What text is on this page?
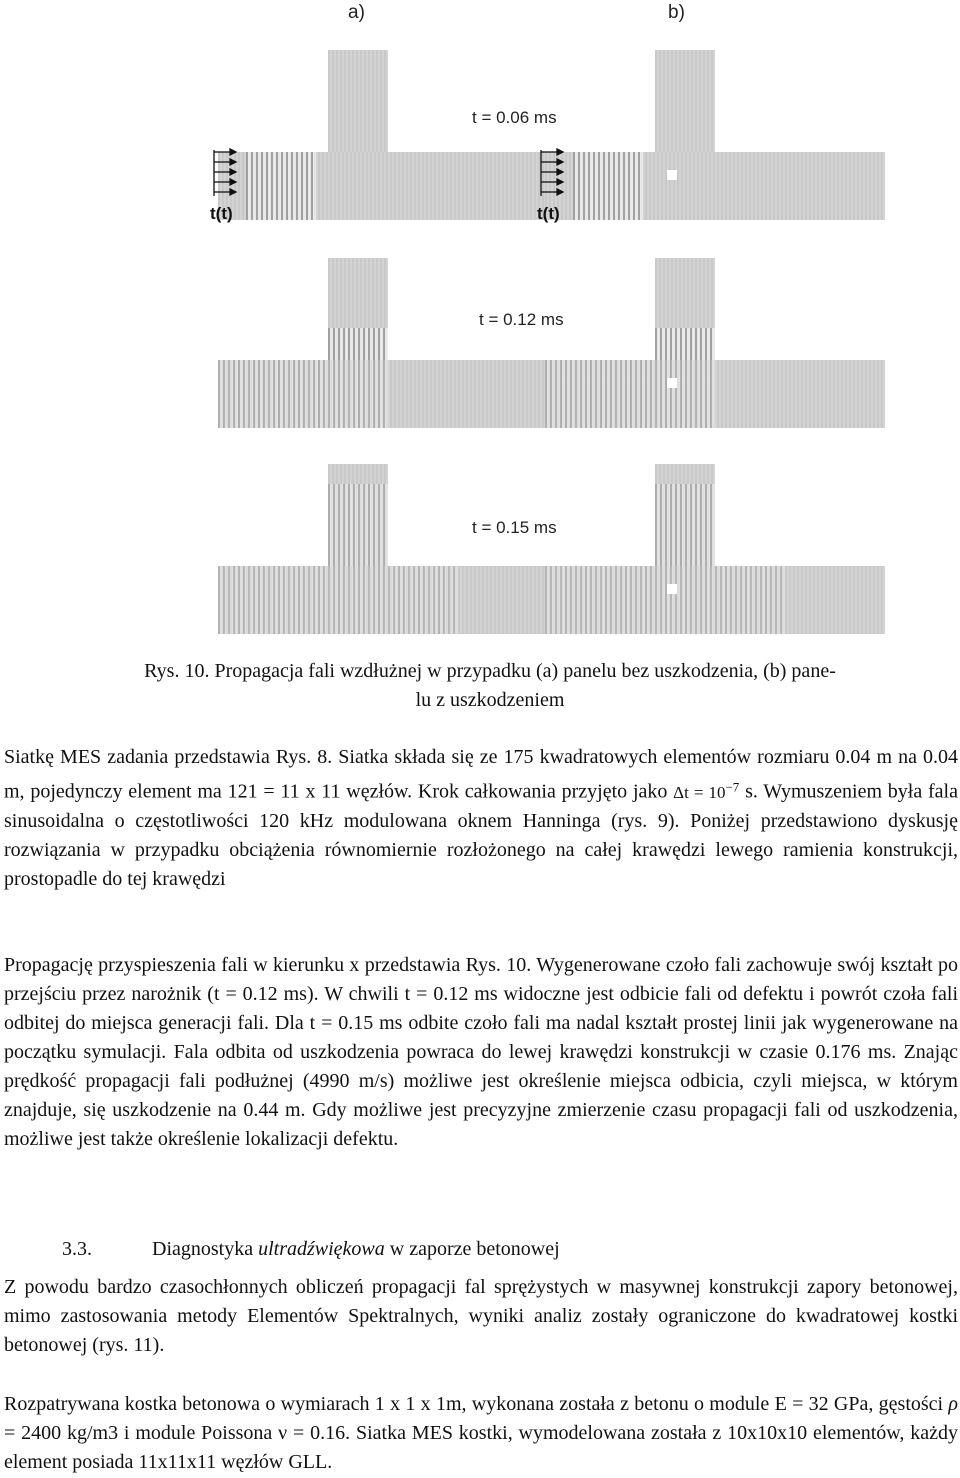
a)	b)
t = 0.06 ms
t(t)	t(t)
t = 0.12 ms
t = 0.15 ms
Rys. 10. Propagacja fali wzdłużnej w przypadku (a) panelu bez uszkodzenia, (b) pane-
lu z uszkodzeniem
Siatkę MES zadania przedstawia Rys. 8. Siatka składa się ze 175 kwadratowych elementów rozmiaru 0.04 m na 0.04 m, pojedynczy element ma 121 = 11 x 11 węzłów. Krok całkowania przyjęto jako $\Delta t = 10^{-7}$ s. Wymuszeniem była fala sinusoidalna o częstotliwości 120 kHz modulowana oknem Hanninga (rys. 9). Poniżej przedstawiono dyskusję rozwiązania w przypadku obciążenia równomiernie rozłożonego na całej krawędzi lewego ramienia konstrukcji, prostopadle do tej krawędzi
Propagację przyspieszenia fali w kierunku x przedstawia Rys. 10. Wygenerowane czoło fali zachowuje swój kształt po przejściu przez narożnik (t = 0.12 ms). W chwili t = 0.12 ms widoczne jest odbicie fali od defektu i powrót czoła fali odbitej do miejsca generacji fali. Dla t = 0.15 ms odbite czoło fali ma nadal kształt prostej linii jak wygenerowane na początku symulacji. Fala odbita od uszkodzenia powraca do lewej krawędzi konstrukcji w czasie 0.176 ms. Znając prędkość propagacji fali podłużnej (4990 m/s) możliwe jest określenie miejsca odbicia, czyli miejsca, w którym znajduje, się uszkodzenie na 0.44 m. Gdy możliwe jest precyzyjne zmierzenie czasu propagacji fali od uszkodzenia, możliwe jest także określenie lokalizacji defektu.
3.3.	Diagnostyka ultradźwiękowa w zaporze betonowej
Z powodu bardzo czasochłonnych obliczeń propagacji fal sprężystych w masywnej konstrukcji zapory betonowej, mimo zastosowania metody Elementów Spektralnych, wyniki analiz zostały ograniczone do kwadratowej kostki betonowej (rys. 11).
Rozpatrywana kostka betonowa o wymiarach 1 x 1 x 1m, wykonana została z betonu o module E = 32 GPa, gęstości ρ = 2400 kg/m3 i module Poissona ν = 0.16. Siatka MES kostki, wymodelowana została z 10x10x10 elementów, każdy element posiada 11x11x11 węzłów GLL.
